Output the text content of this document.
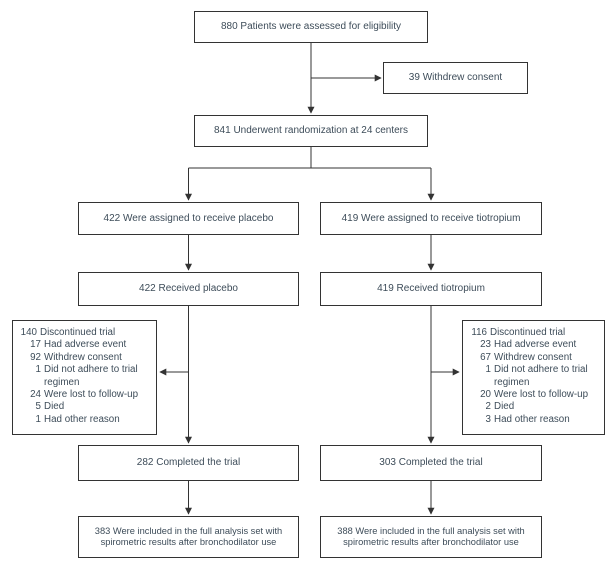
880 Patients were assessed for eligibility
39 Withdrew consent
841 Underwent randomization at 24 centers
422 Were assigned to receive placebo	419 Were assigned to receive tiotropium
422 Received placebo	419 Received tiotropium
140 Discontinued trial
17 Had adverse event
92 Withdrew consent
1 Did not adhere to trial
regimen
24 Were lost to follow-up
5 Died
1 Had other reason
116 Discontinued trial
23 Had adverse event
67 Withdrew consent
1 Did not adhere to trial
regimen
20 Were lost to follow-up
2 Died
3 Had other reason
282 Completed the trial	303 Completed the trial
383 Were included in the full analysis set with
spirometric results after bronchodilator use
388 Were included in the full analysis set with
spirometric results after bronchodilator use
